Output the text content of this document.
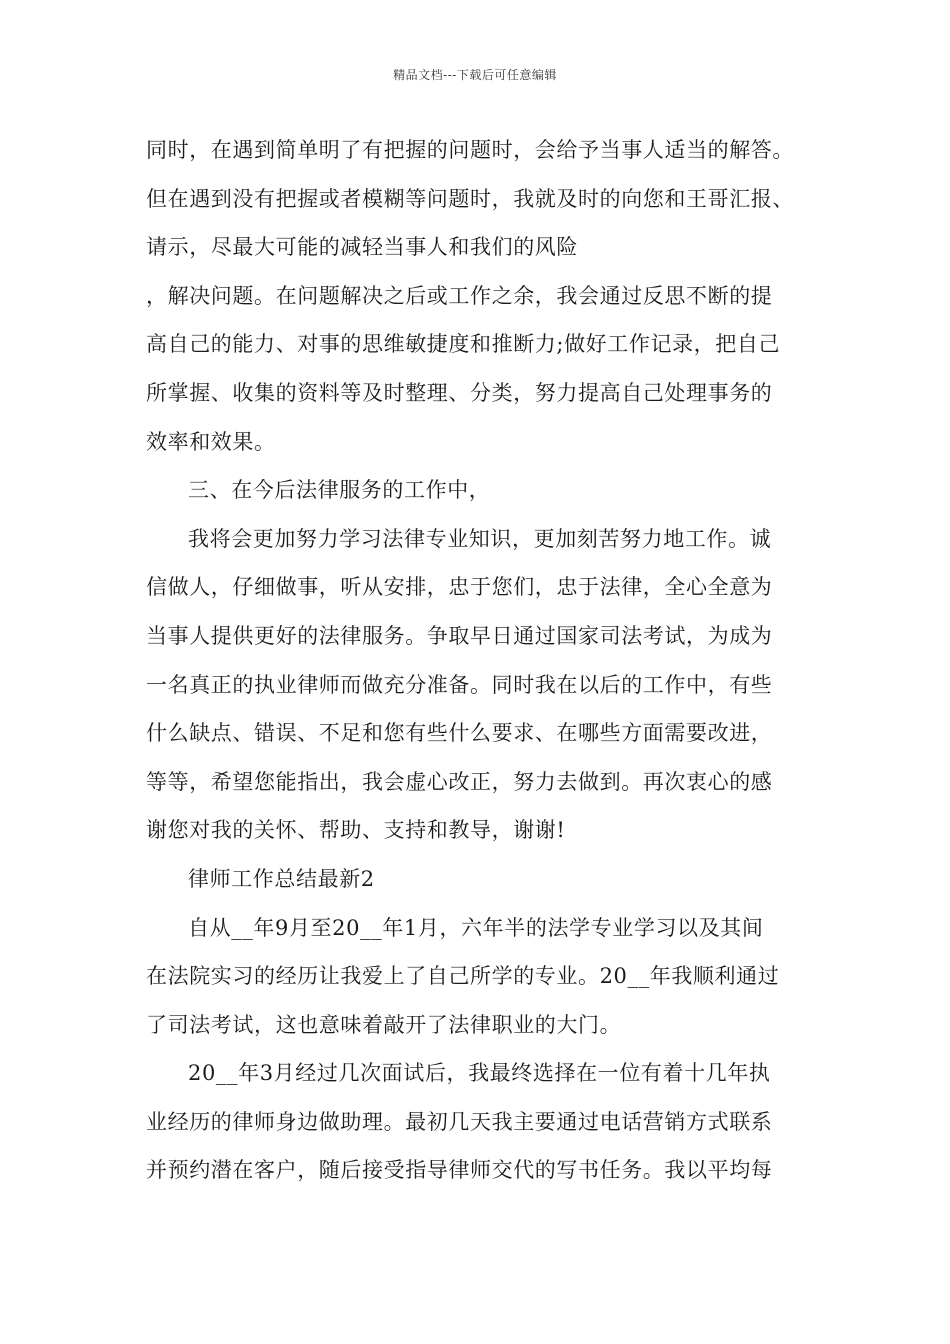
精品文档---下载后可任意编辑
同时，在遇到简单明了有把握的问题时，会给予当事人适当的解答。
但在遇到没有把握或者模糊等问题时，我就及时的向您和王哥汇报、
请示，尽最大可能的减轻当事人和我们的风险
，解决问题。在问题解决之后或工作之余，我会通过反思不断的提
高自己的能力、对事的思维敏捷度和推断力;做好工作记录，把自己
所掌握、收集的资料等及时整理、分类，努力提高自己处理事务的
效率和效果。
三、在今后法律服务的工作中，
我将会更加努力学习法律专业知识，更加刻苦努力地工作。诚
信做人，仔细做事，听从安排，忠于您们，忠于法律，全心全意为
当事人提供更好的法律服务。争取早日通过国家司法考试，为成为
一名真正的执业律师而做充分准备。同时我在以后的工作中，有些
什么缺点、错误、不足和您有些什么要求、在哪些方面需要改进，
等等，希望您能指出，我会虚心改正，努力去做到。再次衷心的感
谢您对我的关怀、帮助、支持和教导，谢谢!
律师工作总结最新2
自从__年9月至20__年1月，六年半的法学专业学习以及其间
在法院实习的经历让我爱上了自己所学的专业。20__年我顺利通过
了司法考试，这也意味着敲开了法律职业的大门。
20__年3月经过几次面试后，我最终选择在一位有着十几年执
业经历的律师身边做助理。最初几天我主要通过电话营销方式联系
并预约潜在客户，随后接受指导律师交代的写书任务。我以平均每
